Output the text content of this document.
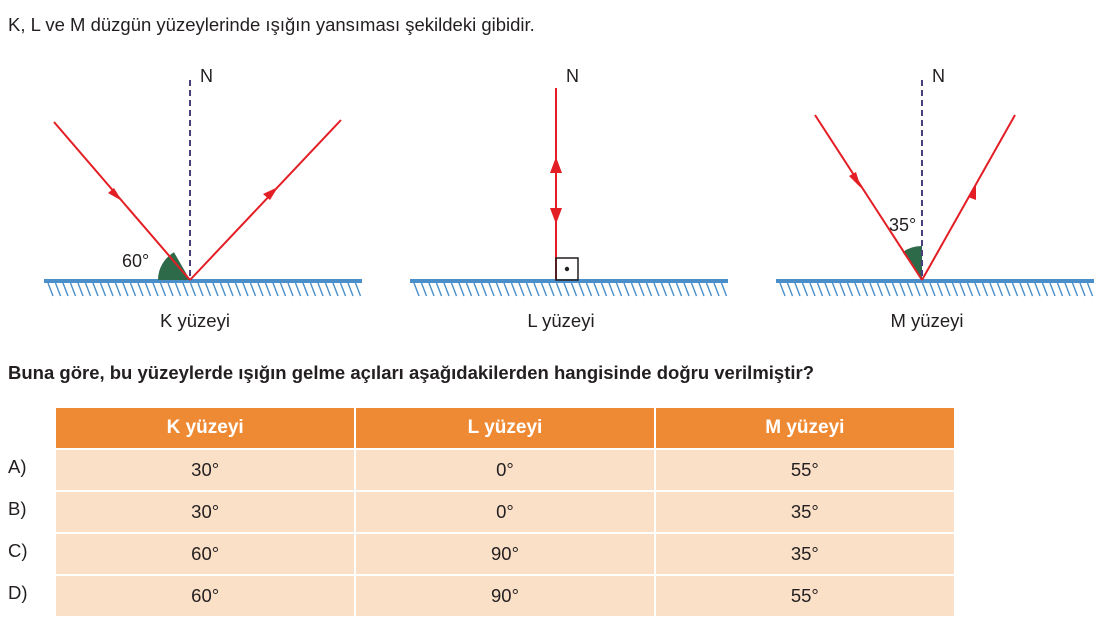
K, L ve M düzgün yüzeylerinde ışığın yansıması şekildeki gibidir.
N
60°
K yüzeyi
N
L yüzeyi
N
35°
M yüzeyi
Buna göre, bu yüzeylerde ışığın gelme açıları aşağıdakilerden hangisinde doğru verilmiştir?
A)
B)
C)
D)
K yüzeyi	L yüzeyi	M yüzeyi
30°	0°	55°
30°	0°	35°
60°	90°	35°
60°	90°	55°
